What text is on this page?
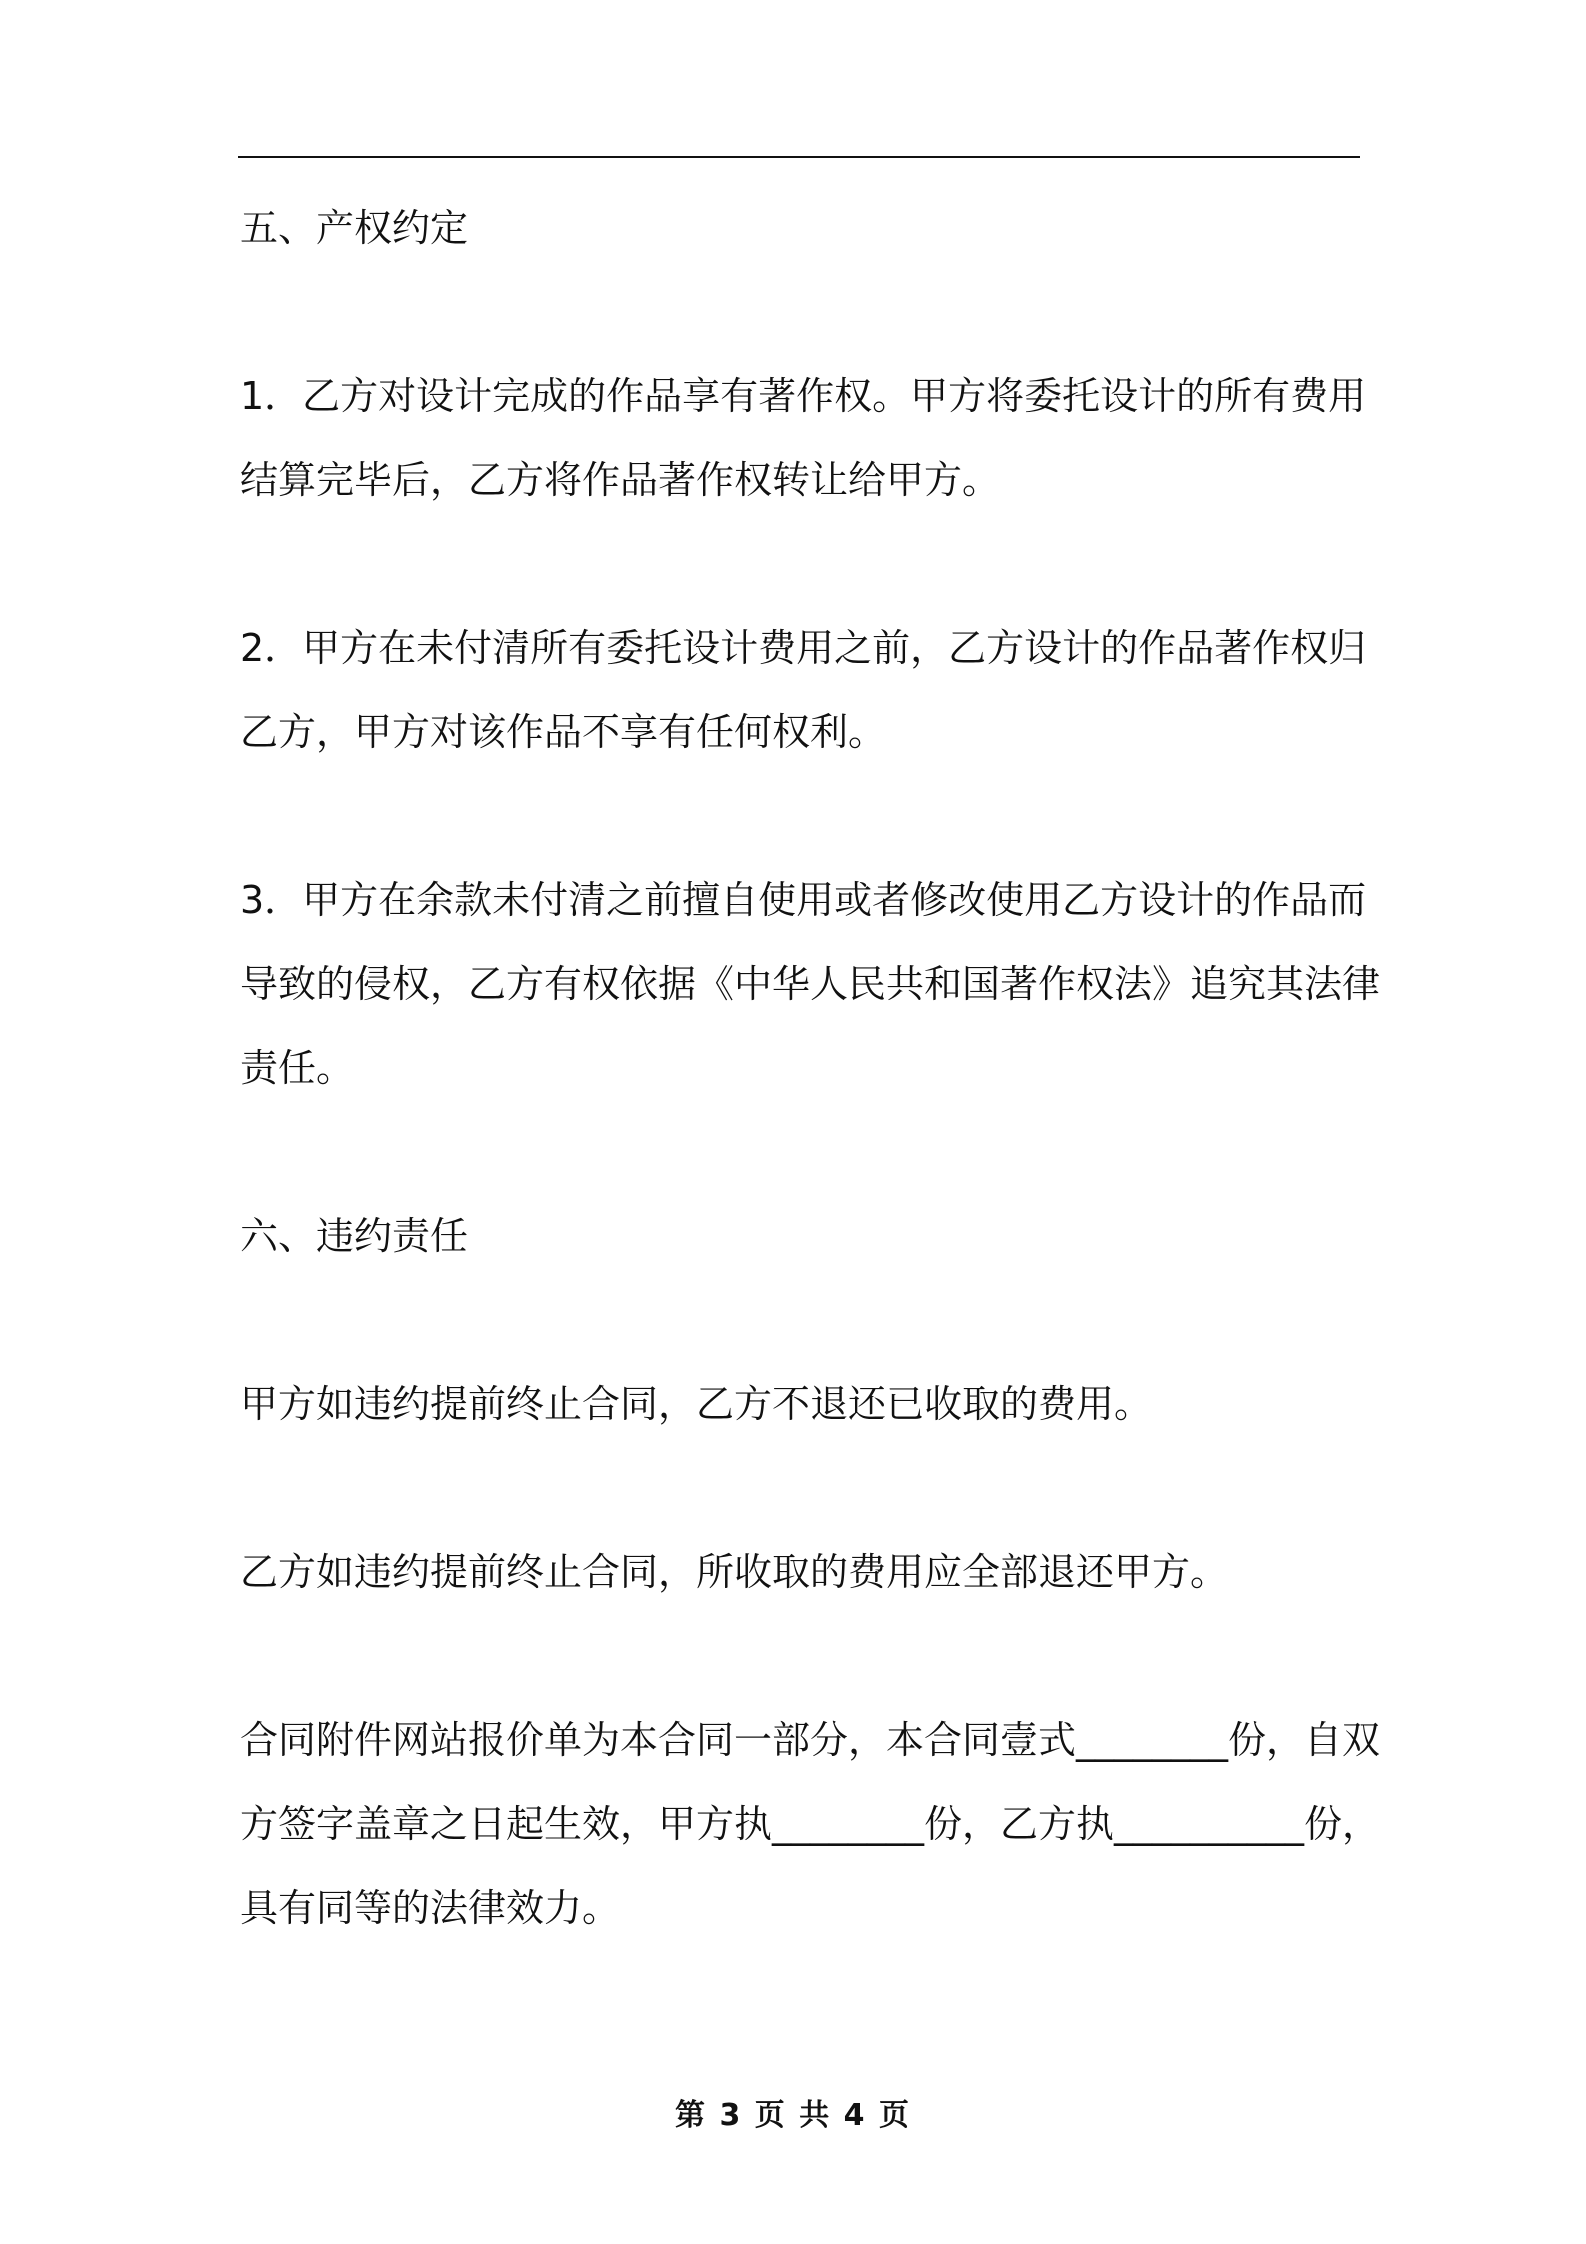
五、产权约定
1．乙方对设计完成的作品享有著作权。甲方将委托设计的所有费用
结算完毕后，乙方将作品著作权转让给甲方。
2．甲方在未付清所有委托设计费用之前，乙方设计的作品著作权归
乙方，甲方对该作品不享有任何权利。
3．甲方在余款未付清之前擅自使用或者修改使用乙方设计的作品而
导致的侵权，乙方有权依据《中华人民共和国著作权法》追究其法律
责任。
六、违约责任

甲方如违约提前终止合同，乙方不退还已收取的费用。

乙方如违约提前终止合同，所收取的费用应全部退还甲方。

合同附件网站报价单为本合同一部分，本合同壹式________份，自双
方签字盖章之日起生效，甲方执________份，乙方执__________份，
具有同等的法律效力。
第 3 页 共 4 页
